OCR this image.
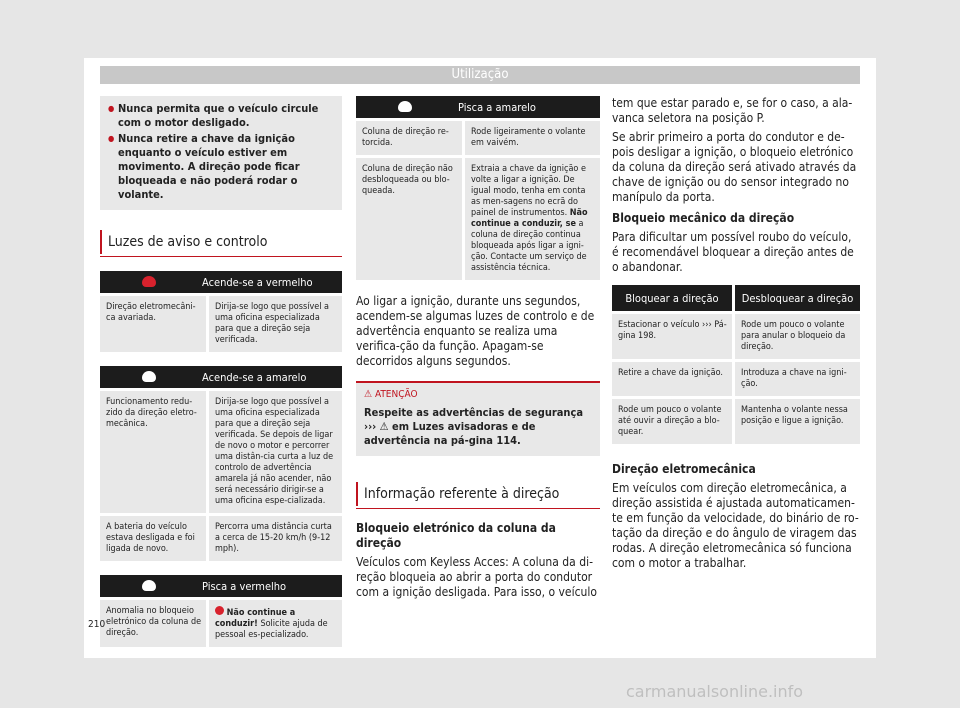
Utilização
● Nunca permita que o veículo circule com o motor desligado.
● Nunca retire a chave da ignição enquanto o veículo estiver em movimento. A direção pode ficar bloqueada e não poderá rodar o volante.
Luzes de aviso e controlo
Acende-se a vermelho
Direção eletromecâni-ca avariada.	Dirija-se logo que possível a uma oficina especializada para que a direção seja verificada.
Acende-se a amarelo	
Funcionamento redu-zido da direção eletro-mecânica.	Dirija-se logo que possível a uma oficina especializada para que a direção seja verificada. Se depois de ligar de novo o motor e percorrer uma distân-cia curta a luz de controlo de advertência amarela já não acender, não será necessário dirigir-se a uma oficina espe-cializada.
A bateria do veículo estava desligada e foi ligada de novo.	Percorra uma distância curta a cerca de 15-20 km/h (9-12 mph).
Pisca a vermelho
Anomalia no bloqueio eletrónico da coluna de direção.	Não continue a conduzir! Solicite ajuda de pessoal es-pecializado.
Pisca a amarelo	
Coluna de direção re-torcida.	Rode ligeiramente o volante em vaivém.
Coluna de direção não desbloqueada ou blo-queada.	Extraia a chave da ignição e volte a ligar a ignição. De igual modo, tenha em conta as men-sagens no ecrã do painel de instrumentos. Não continue a conduzir, se a coluna de direção continua bloqueada após ligar a igni-ção. Contacte um serviço de assistência técnica.

Ao ligar a ignição, durante uns segundos, acendem-se algumas luzes de controlo e de advertência enquanto se realiza uma verifica-ção da função. Apagam-se decorridos alguns segundos.

⚠ ATENÇÃO
Respeite as advertências de segurança ››› ⚠ em Luzes avisadoras e de advertência na pá-gina 114.
Informação referente à direção

Bloqueio eletrónico da coluna da direção

Veículos com Keyless Acces: A coluna da di-reção bloqueia ao abrir a porta do condutor com a ignição desligada. Para isso, o veículo

tem que estar parado e, se for o caso, a ala-vanca seletora na posição P.

Se abrir primeiro a porta do condutor e de-pois desligar a ignição, o bloqueio eletrónico da coluna da direção será ativado através da chave de ignição ou do sensor integrado no manípulo da porta.

Bloqueio mecânico da direção

Para dificultar um possível roubo do veículo, é recomendável bloquear a direção antes de o abandonar.

Bloquear a direção	Desbloquear a direção
Estacionar o veículo ››› Pá-gina 198.	Rode um pouco o volante para anular o bloqueio da direção.
Retire a chave da ignição.	Introduza a chave na igni-ção.
Rode um pouco o volante até ouvir a direção a blo-quear.	Mantenha o volante nessa posição e ligue a ignição.

Direção eletromecânica

Em veículos com direção eletromecânica, a direção assistida é ajustada automaticamen-te em função da velocidade, do binário de ro-tação da direção e do ângulo de viragem das rodas. A direção eletromecânica só funciona com o motor a trabalhar.

210
carmanualsonline.info
